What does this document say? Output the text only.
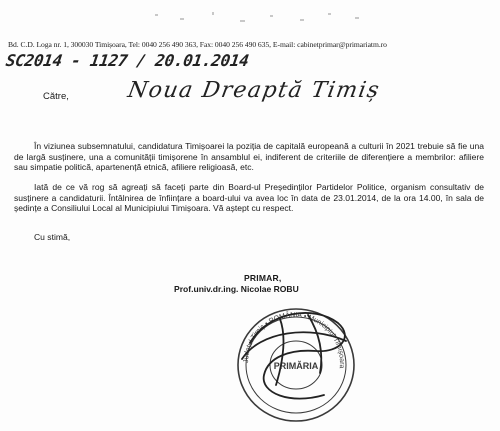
Bd. C.D. Loga nr. 1, 300030 Timișoara, Tel: 0040 256 490 363, Fax: 0040 256 490 635, E-mail: cabinetprimar@primariatm.ro
SC2014 - 1127 / 20.01.2014
Către,	Noua Dreaptă Timiș
În viziunea subsemnatului, candidatura Timișoarei la poziția de capitală europeană a culturii în 2021 trebuie să fie una de largă susținere, una a comunității timișorene în ansamblul ei, indiferent de criteriile de diferențiere a membrilor: afiliere sau simpatie politică, apartenență etnică, afiliere religioasă, etc.
Iată de ce vă rog să agreați să faceți parte din Board-ul Președinților Partidelor Politice, organism consultativ de susținere a candidaturii. Întâlnirea de înființare a board-ului va avea loc în data de 23.01.2014, de la ora 14.00, în sala de ședințe a Consiliului Local al Municipiului Timișoara. Vă aștept cu respect.
Cu stimă,
PRIMAR,
Prof.univ.dr.ing. Nicolae ROBU
Județul Timiș • ROMÂNIA • Municipiul Timișoara
PRIMĂRIA
